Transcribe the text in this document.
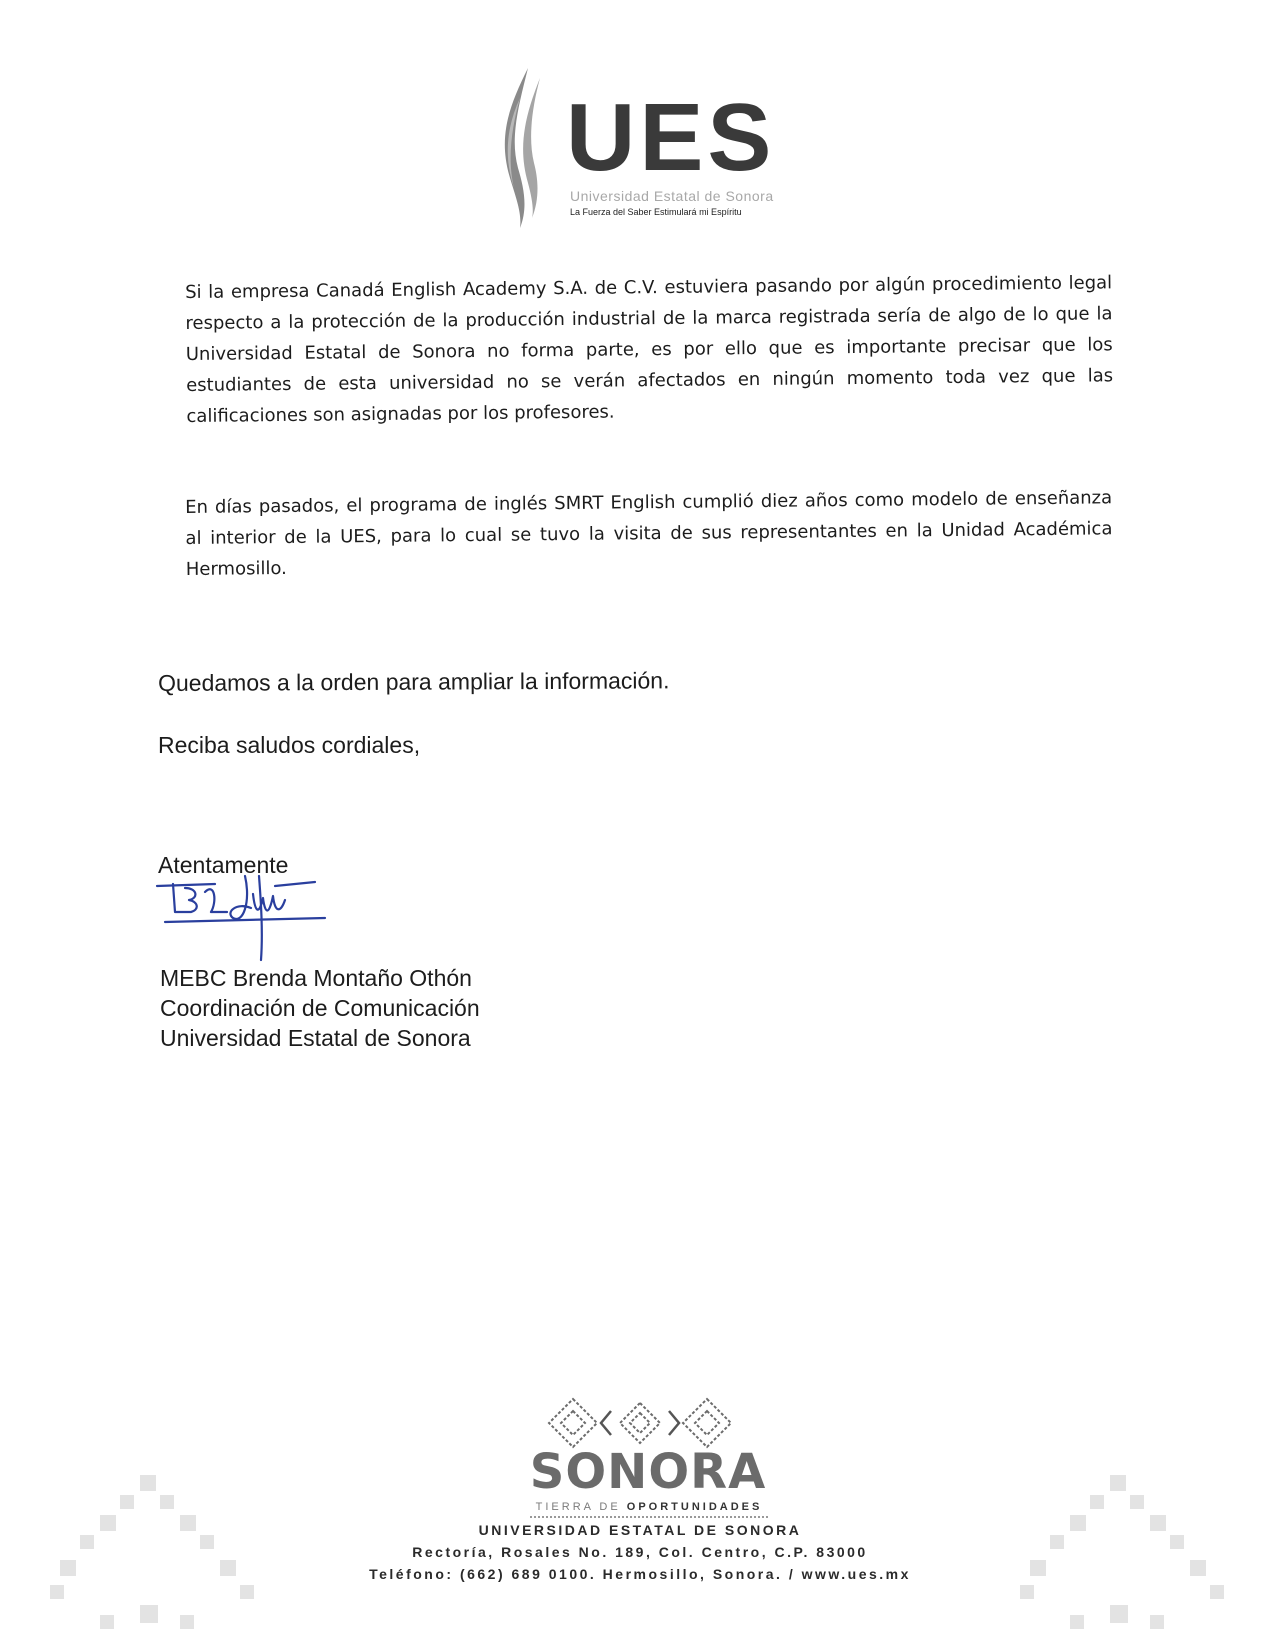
UES
Universidad Estatal de Sonora
La Fuerza del Saber Estimulará mi Espíritu
Si la empresa Canadá English Academy S.A. de C.V. estuviera pasando por algún procedimiento legal respecto a la protección de la producción industrial de la marca registrada sería de algo de lo que la Universidad Estatal de Sonora no forma parte, es por ello que es importante precisar que los estudiantes de esta universidad no se verán afectados en ningún momento toda vez que las calificaciones son asignadas por los profesores.
En días pasados, el programa de inglés SMRT English cumplió diez años como modelo de enseñanza al interior de la UES, para lo cual se tuvo la visita de sus representantes en la Unidad Académica Hermosillo.
Quedamos a la orden para ampliar la información.
Reciba saludos cordiales,
Atentamente
MEBC Brenda Montaño Othón
Coordinación de Comunicación
Universidad Estatal de Sonora
SONORA
TIERRA DE OPORTUNIDADES
UNIVERSIDAD ESTATAL DE SONORA
Rectoría, Rosales No. 189, Col. Centro, C.P. 83000
Teléfono: (662) 689 0100. Hermosillo, Sonora. / www.ues.mx
